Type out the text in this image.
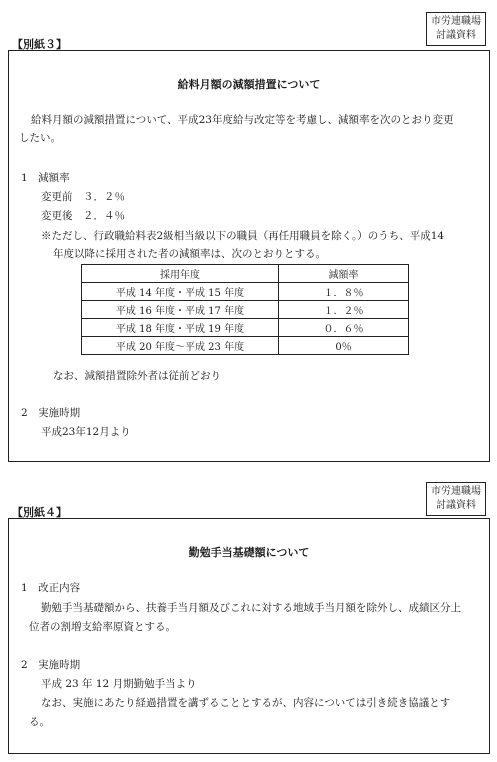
市労連職場
討議資料
【別紙３】
給料月額の減額措置について
給料月額の減額措置について、平成23年度給与改定等を考慮し、減額率を次のとおり変更
したい。
1　減額率
変更前　３．２％
変更後　２．４％
※ただし、行政職給料表2級相当級以下の職員（再任用職員を除く。）のうち、平成14
年度以降に採用された者の減額率は、次のとおりとする。
採用年度	減額率
平成 14 年度・平成 15 年度	１．８％
平成 16 年度・平成 17 年度	１．２％
平成 18 年度・平成 19 年度	０．６％
平成 20 年度～平成 23 年度	0％
なお、減額措置除外者は従前どおり
2　実施時期
平成23年12月より
市労連職場
討議資料
【別紙４】
勤勉手当基礎額について
1　改正内容
勤勉手当基礎額から、扶養手当月額及びこれに対する地域手当月額を除外し、成績区分上
位者の割増支給率原資とする。
2　実施時期
平成 23 年 12 月期勤勉手当より
なお、実施にあたり経過措置を講ずることとするが、内容については引き続き協議とす
る。
